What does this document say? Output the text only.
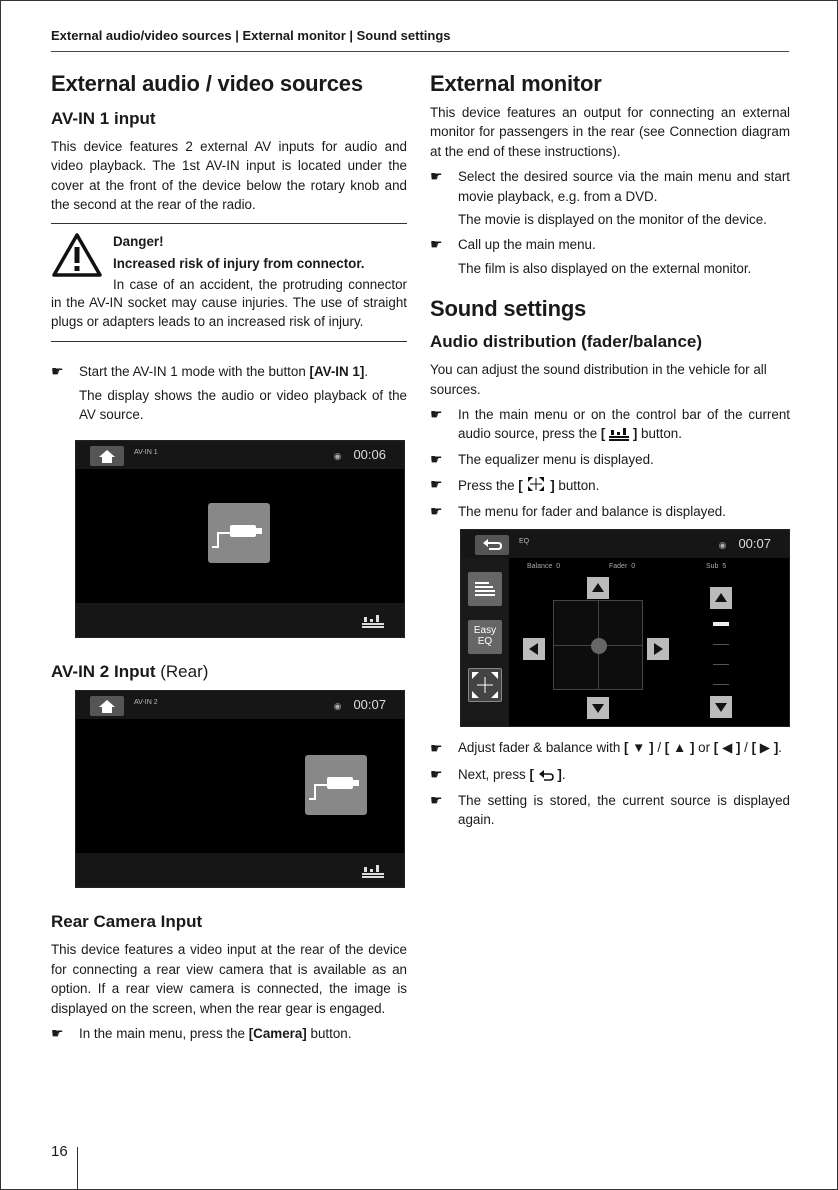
External audio/video sources | External monitor | Sound settings
External audio / video sources
AV-IN 1 input

This device features 2 external AV inputs for audio and video playback. The 1st AV-IN input is located under the cover at the front of the device below the rotary knob and the second at the rear of the radio.

Danger!
Increased risk of injury from connector.
In case of an accident, the protruding connector in the AV-IN socket may cause injuries. The use of straight plugs or adapters leads to an increased risk of injury.
☛ Start the AV-IN 1 mode with the button [AV-IN 1].
The display shows the audio or video playback of the AV source.
AV-IN 1	◉ 00:06
AV-IN 2 Input (Rear)
AV-IN 2	◉ 00:07
Rear Camera Input

This device features a video input at the rear of the device for connecting a rear view camera that is available as an option. If a rear view camera is connected, the image is displayed on the screen, when the rear gear is engaged.

☛ In the main menu, press the [Camera] button.
External monitor

This device features an output for connecting an external monitor for passengers in the rear (see Connection diagram at the end of these instructions).

☛ Select the desired source via the main menu and start movie playback, e.g. from a DVD.
The movie is displayed on the monitor of the device.
☛ Call up the main menu.
The film is also displayed on the external monitor.
Sound settings
Audio distribution (fader/balance)

You can adjust the sound distribution in the vehicle for all sources.

☛ In the main menu or on the control bar of the current audio source, press the [  ] button.
☛ The equalizer menu is displayed.
☛ Press the [  ] button.
☛ The menu for fader and balance is displayed.
EQ	◉ 00:07
Easy
EQ
Balance 0	Fader 0	Sub 5
☛ Adjust fader & balance with [ ▼ ] / [ ▲ ] or [ ◀ ] / [ ▶ ].
☛ Next, press [  ].
☛ The setting is stored, the current source is displayed again.
16
